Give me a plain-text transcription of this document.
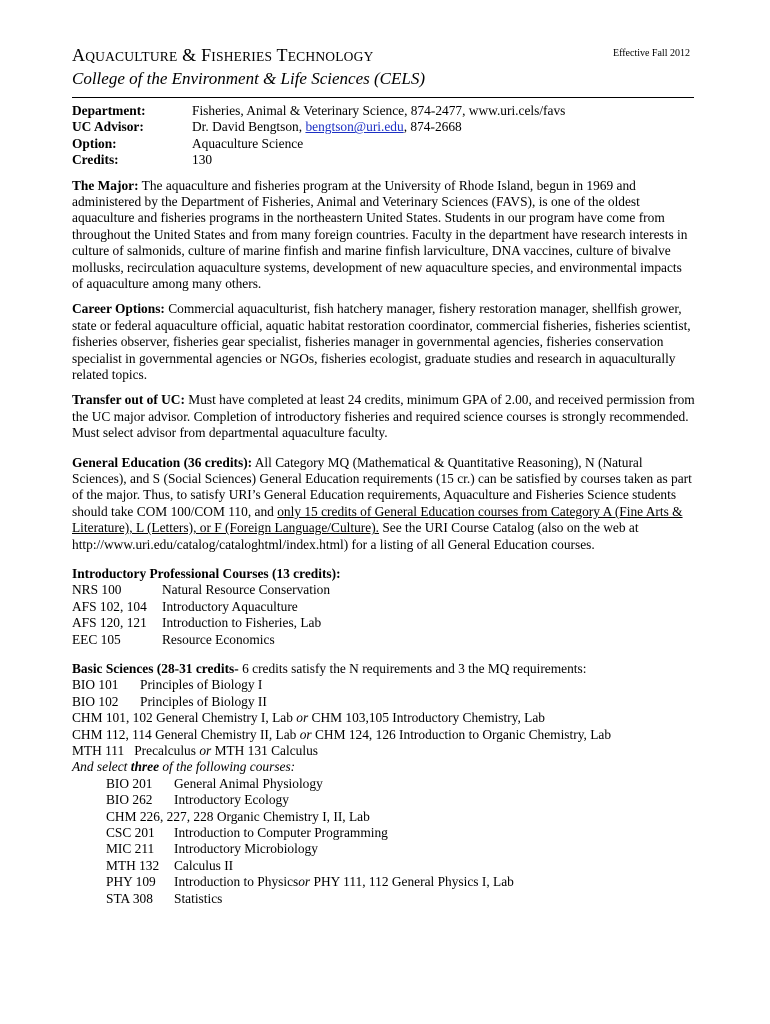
AQUACULTURE & FISHERIES TECHNOLOGY	Effective Fall 2012
College of the Environment & Life Sciences (CELS)
Department:	Fisheries, Animal & Veterinary Science, 874-2477, www.uri.cels/favs
UC Advisor:	Dr. David Bengtson, bengtson@uri.edu, 874-2668
Option:	Aquaculture Science
Credits:	130
The Major: The aquaculture and fisheries program at the University of Rhode Island, begun in 1969 and administered by the Department of Fisheries, Animal and Veterinary Sciences (FAVS), is one of the oldest aquaculture and fisheries programs in the northeastern United States. Students in our program have come from throughout the United States and from many foreign countries. Faculty in the department have research interests in culture of salmonids, culture of marine finfish and marine finfish larviculture, DNA vaccines, culture of bivalve mollusks, recirculation aquaculture systems, development of new aquaculture species, and environmental impacts of aquaculture among many others.
Career Options: Commercial aquaculturist, fish hatchery manager, fishery restoration manager, shellfish grower, state or federal aquaculture official, aquatic habitat restoration coordinator, commercial fisheries, fisheries scientist, fisheries observer, fisheries gear specialist, fisheries manager in governmental agencies, fisheries conservation specialist in governmental agencies or NGOs, fisheries ecologist, graduate studies and research in aquaculturally related topics.
Transfer out of UC: Must have completed at least 24 credits, minimum GPA of 2.00, and received permission from the UC major advisor. Completion of introductory fisheries and required science courses is strongly recommended. Must select advisor from departmental aquaculture faculty.
General Education (36 credits): All Category MQ (Mathematical & Quantitative Reasoning), N (Natural Sciences), and S (Social Sciences) General Education requirements (15 cr.) can be satisfied by courses taken as part of the major. Thus, to satisfy URI’s General Education requirements, Aquaculture and Fisheries Science students should take COM 100/COM 110, and only 15 credits of General Education courses from Category A (Fine Arts & Literature), L (Letters), or F (Foreign Language/Culture). See the URI Course Catalog (also on the web at http://www.uri.edu/catalog/cataloghtml/index.html) for a listing of all General Education courses.
Introductory Professional Courses (13 credits):
NRS 100	Natural Resource Conservation
AFS 102, 104	Introductory Aquaculture
AFS 120, 121	Introduction to Fisheries, Lab
EEC 105	Resource Economics
Basic Sciences (28-31 credits- 6 credits satisfy the N requirements and 3 the MQ requirements:
BIO 101	Principles of Biology I
BIO 102	Principles of Biology II
CHM 101, 102 General Chemistry I, Lab or CHM 103,105 Introductory Chemistry, Lab
CHM 112, 114 General Chemistry II, Lab or CHM 124, 126 Introduction to Organic Chemistry, Lab
MTH 111   Precalculus or MTH 131 Calculus
And select three of the following courses:
BIO 201	General Animal Physiology
BIO 262	Introductory Ecology
CHM 226, 227, 228 Organic Chemistry I, II, Lab
CSC 201	Introduction to Computer Programming
MIC 211	Introductory Microbiology
MTH 132	Calculus II
PHY 109	Introduction to Physics or PHY 111, 112 General Physics I, Lab
STA 308	Statistics
